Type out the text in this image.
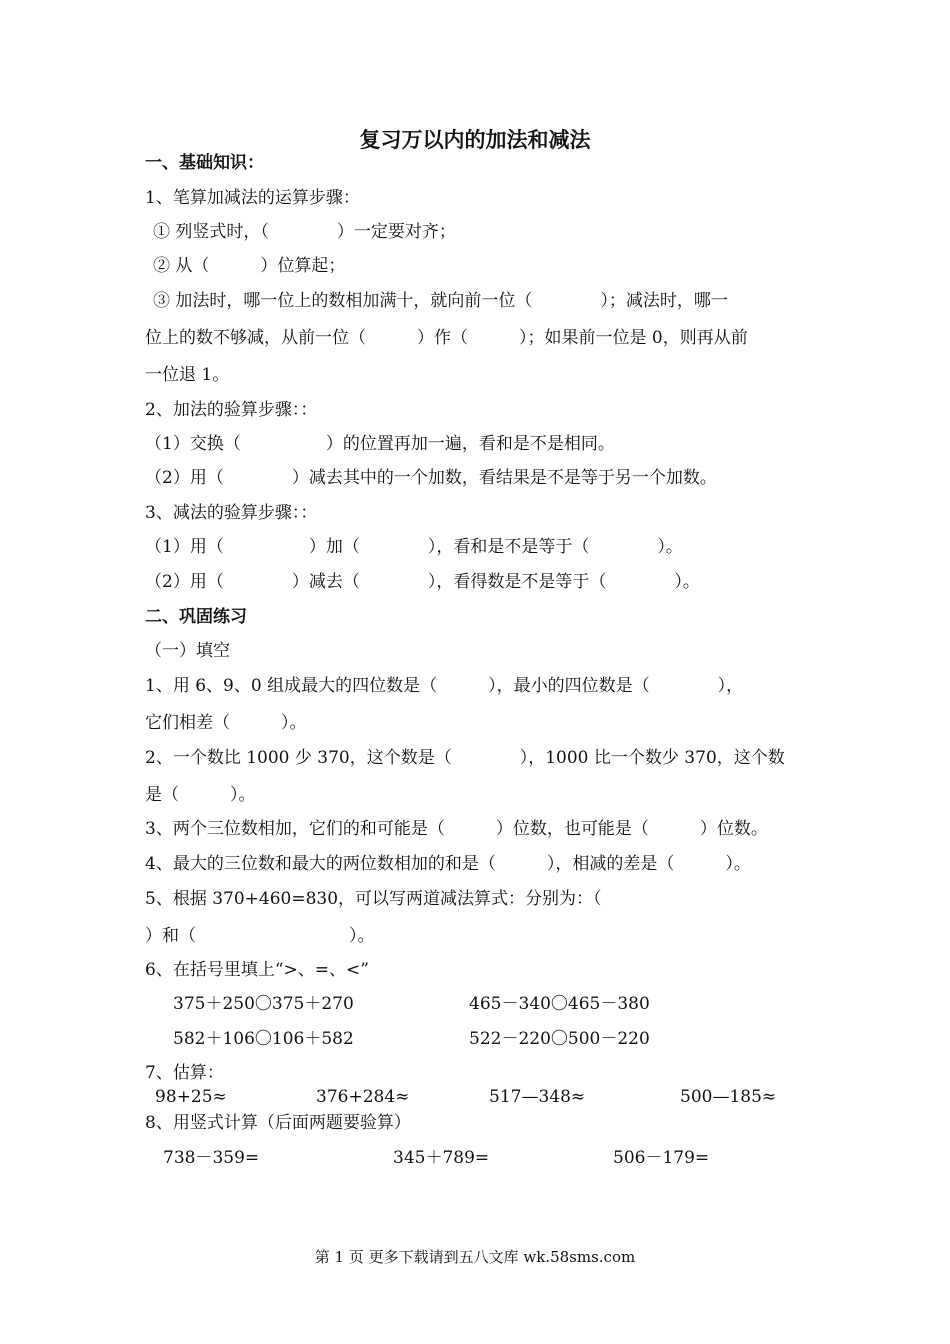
复习万以内的加法和减法
一、基础知识：
1、笔算加减法的运算步骤：
① 列竖式时，（　　　　）一定要对齐；
② 从（　　　）位算起；
③ 加法时，哪一位上的数相加满十，就向前一位（　　　　）；减法时，哪一
位上的数不够减，从前一位（　　　）作（　　　）；如果前一位是 0，则再从前
一位退 1。
2、加法的验算步骤：：
（1）交换（　　　　　）的位置再加一遍，看和是不是相同。
（2）用（　　　　）减去其中的一个加数，看结果是不是等于另一个加数。
3、减法的验算步骤：：
（1）用（　　　　　）加（　　　　），看和是不是等于（　　　　）。
（2）用（　　　　）减去（　　　　），看得数是不是等于（　　　　）。
二、巩固练习
（一）填空
1、用 6、9、0 组成最大的四位数是（　　　），最小的四位数是（　　　　），
它们相差（　　　）。
2、一个数比 1000 少 370，这个数是（　　　　），1000 比一个数少 370，这个数
是（　　　）。
3、两个三位数相加，它们的和可能是（　　　）位数，也可能是（　　　）位数。
4、最大的三位数和最大的两位数相加的和是（　　　），相减的差是（　　　）。
5、根据 370+460=830，可以写两道减法算式：分别为：（
）和（　　　　　　　　　）。
6、在括号里填上“>、=、<”
375＋250〇375＋270	465－340〇465－380
582＋106〇106＋582	522－220〇500－220
7、估算：
98+25≈	376+284≈	517—348≈	500—185≈
8、用竖式计算（后面两题要验算）
738－359=	345＋789=	506－179=
第 1 页 更多下载请到五八文库 wk.58sms.com
